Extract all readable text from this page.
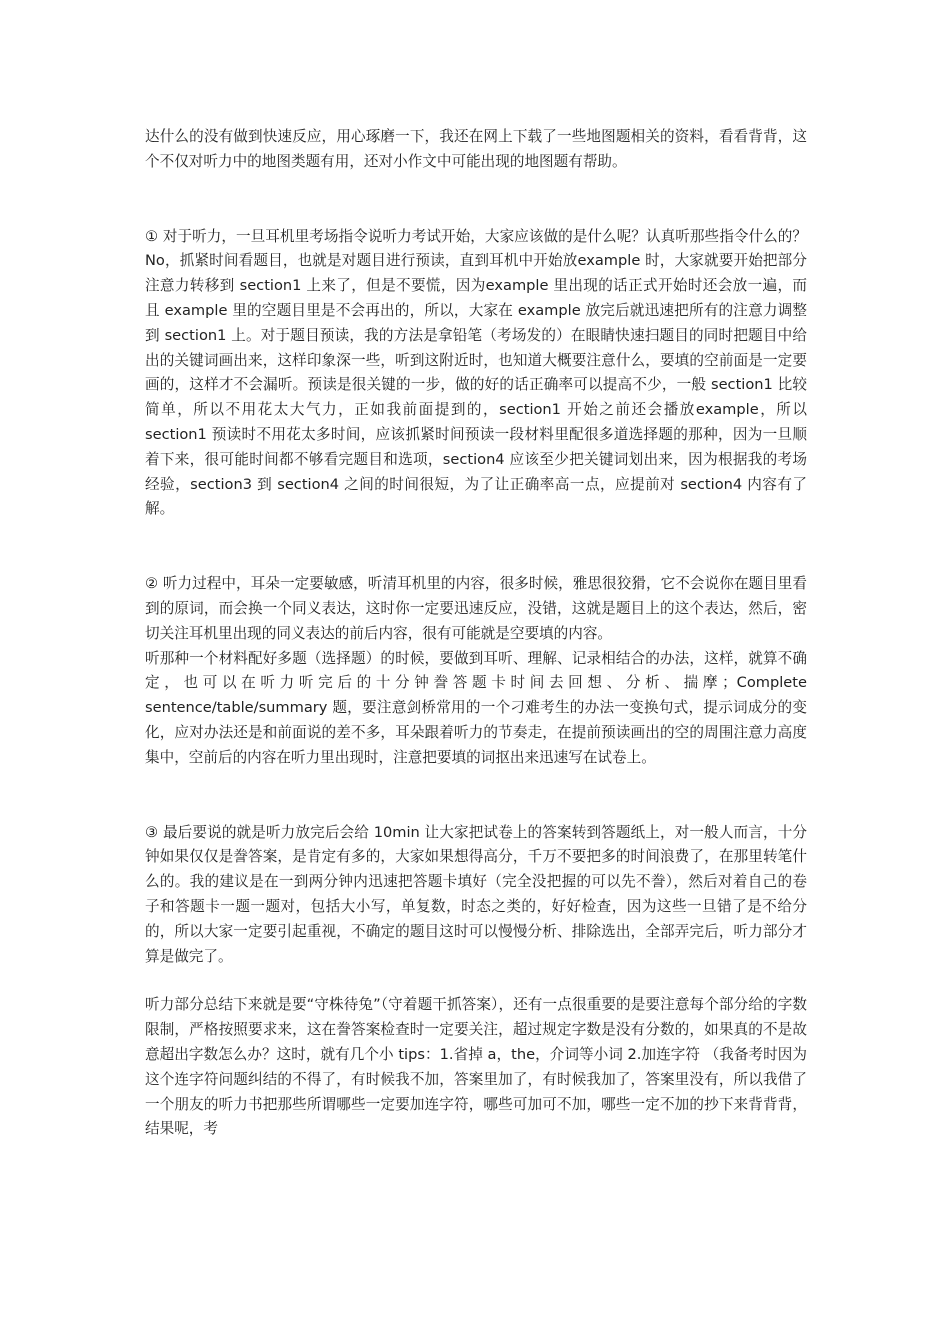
达什么的没有做到快速反应，用心琢磨一下，我还在网上下载了一些地图题相关的资料，看看背背，这个不仅对听力中的地图类题有用，还对小作文中可能出现的地图题有帮助。

① 对于听力，一旦耳机里考场指令说听力考试开始，大家应该做的是什么呢？认真听那些指令什么的？No，抓紧时间看题目，也就是对题目进行预读，直到耳机中开始放example 时，大家就要开始把部分注意力转移到 section1 上来了，但是不要慌，因为example 里出现的话正式开始时还会放一遍，而且 example 里的空题目里是不会再出的，所以，大家在 example 放完后就迅速把所有的注意力调整到 section1 上。对于题目预读，我的方法是拿铅笔（考场发的）在眼睛快速扫题目的同时把题目中给出的关键词画出来，这样印象深一些，听到这附近时，也知道大概要注意什么，要填的空前面是一定要画的，这样才不会漏听。预读是很关键的一步，做的好的话正确率可以提高不少，一般 section1 比较简单，所以不用花太大气力，正如我前面提到的，section1 开始之前还会播放example，所以 section1 预读时不用花太多时间，应该抓紧时间预读一段材料里配很多道选择题的那种，因为一旦顺着下来，很可能时间都不够看完题目和选项，section4 应该至少把关键词划出来，因为根据我的考场经验，section3 到 section4 之间的时间很短，为了让正确率高一点，应提前对 section4 内容有了解。

② 听力过程中，耳朵一定要敏感，听清耳机里的内容，很多时候，雅思很狡猾，它不会说你在题目里看到的原词，而会换一个同义表达，这时你一定要迅速反应，没错，这就是题目上的这个表达，然后，密切关注耳机里出现的同义表达的前后内容，很有可能就是空要填的内容。

听那种一个材料配好多题（选择题）的时候，要做到耳听、理解、记录相结合的办法，这样，就算不确定，也可以在听力听完后的十分钟誊答题卡时间去回想、分析、揣摩；Complete sentence/table/summary 题，要注意剑桥常用的一个刁难考生的办法一变换句式，提示词成分的变化，应对办法还是和前面说的差不多，耳朵跟着听力的节奏走，在提前预读画出的空的周围注意力高度集中，空前后的内容在听力里出现时，注意把要填的词抠出来迅速写在试卷上。

③ 最后要说的就是听力放完后会给 10min 让大家把试卷上的答案转到答题纸上，对一般人而言，十分钟如果仅仅是誊答案，是肯定有多的，大家如果想得高分，千万不要把多的时间浪费了，在那里转笔什么的。我的建议是在一到两分钟内迅速把答题卡填好（完全没把握的可以先不誊），然后对着自己的卷子和答题卡一题一题对，包括大小写，单复数，时态之类的，好好检查，因为这些一旦错了是不给分的，所以大家一定要引起重视，不确定的题目这时可以慢慢分析、排除选出，全部弄完后，听力部分才算是做完了。

听力部分总结下来就是要“守株待兔”（守着题干抓答案），还有一点很重要的是要注意每个部分给的字数限制，严格按照要求来，这在誊答案检查时一定要关注，超过规定字数是没有分数的，如果真的不是故意超出字数怎么办？这时，就有几个小 tips：1.省掉 a，the，介词等小词 2.加连字符 （我备考时因为这个连字符问题纠结的不得了，有时候我不加，答案里加了，有时候我加了，答案里没有，所以我借了一个朋友的听力书把那些所谓哪些一定要加连字符，哪些可加可不加，哪些一定不加的抄下来背背背，结果呢，考
